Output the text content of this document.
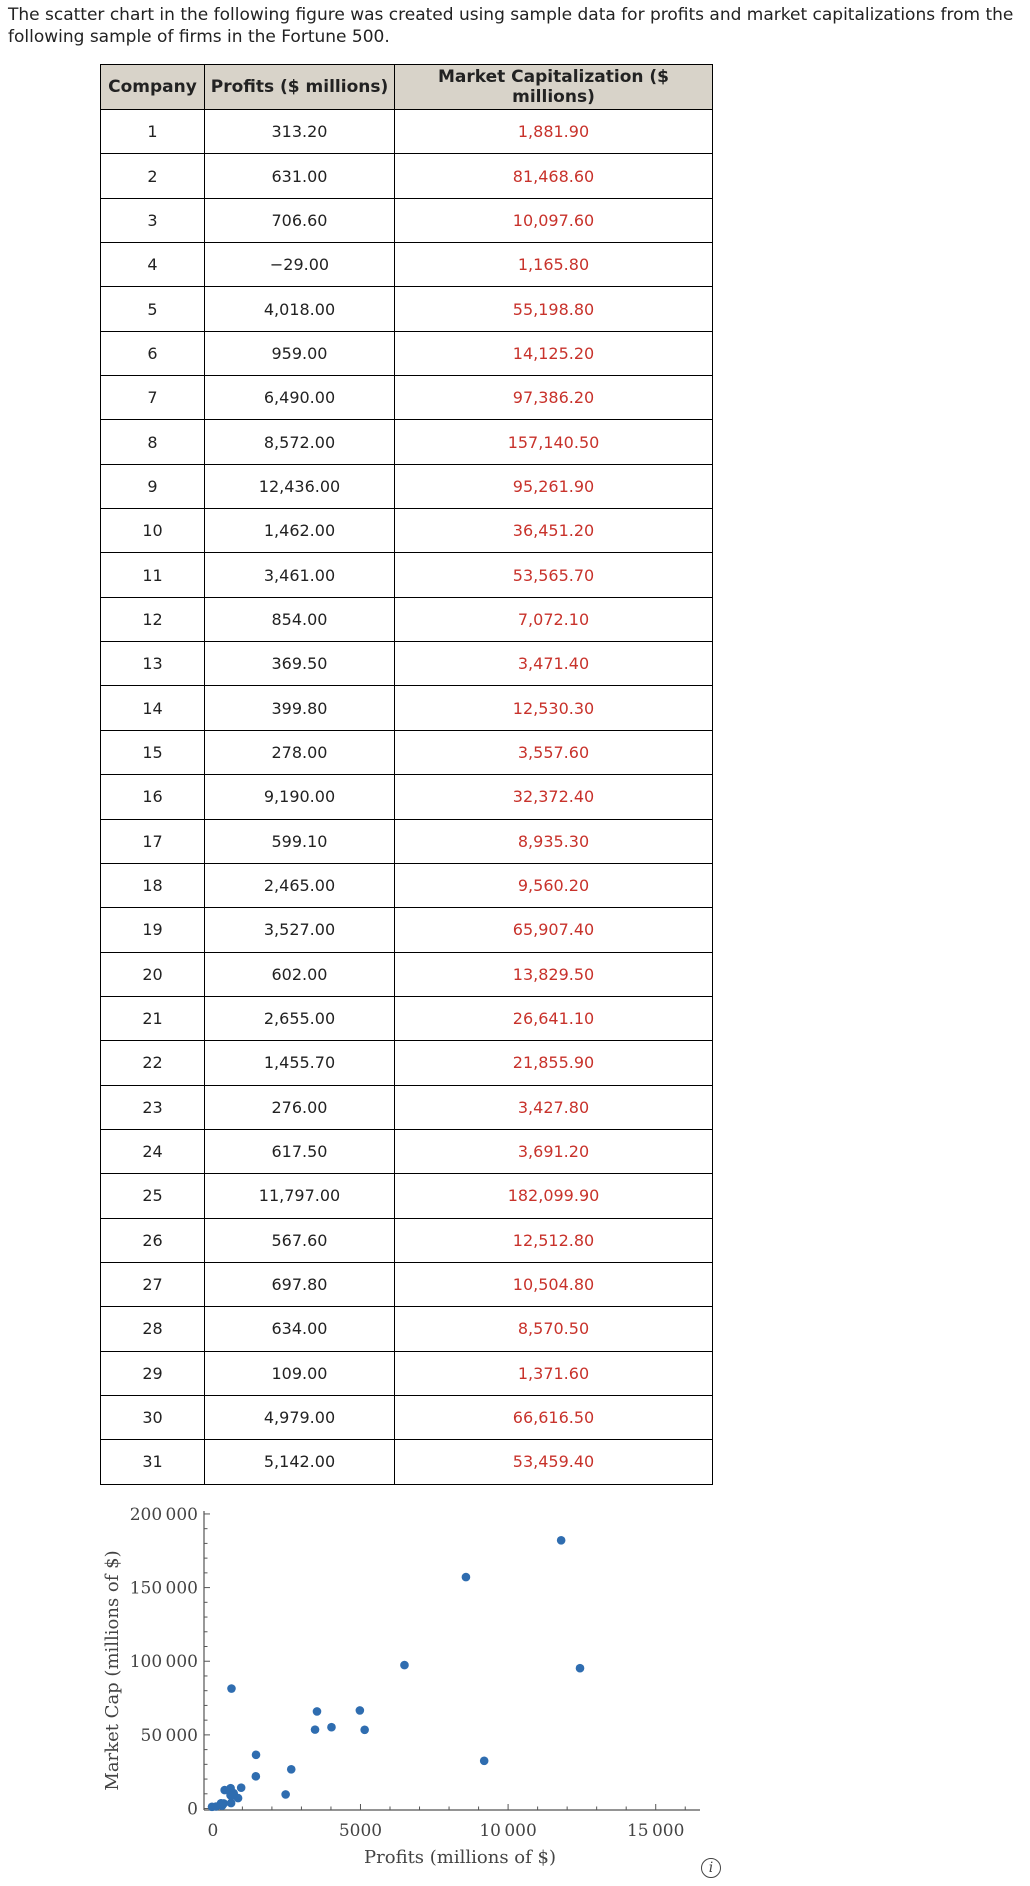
The scatter chart in the following figure was created using sample data for profits and market capitalizations from the following sample of firms in the Fortune 500.

Company	Profits ($ millions)	Market Capitalization ($ millions)
1	313.20	1,881.90
2	631.00	81,468.60
3	706.60	10,097.60
4	−29.00	1,165.80
5	4,018.00	55,198.80
6	959.00	14,125.20
7	6,490.00	97,386.20
8	8,572.00	157,140.50
9	12,436.00	95,261.90
10	1,462.00	36,451.20
11	3,461.00	53,565.70
12	854.00	7,072.10
13	369.50	3,471.40
14	399.80	12,530.30
15	278.00	3,557.60
16	9,190.00	32,372.40
17	599.10	8,935.30
18	2,465.00	9,560.20
19	3,527.00	65,907.40
20	602.00	13,829.50
21	2,655.00	26,641.10
22	1,455.70	21,855.90
23	276.00	3,427.80
24	617.50	3,691.20
25	11,797.00	182,099.90
26	567.60	12,512.80
27	697.80	10,504.80
28	634.00	8,570.50
29	109.00	1,371.60
30	4,979.00	66,616.50
31	5,142.00	53,459.40
0	5000	10 000	15 000
0
50 000
100 000
150 000
200 000
Profits (millions of $)
Market Cap (millions of $)
i
